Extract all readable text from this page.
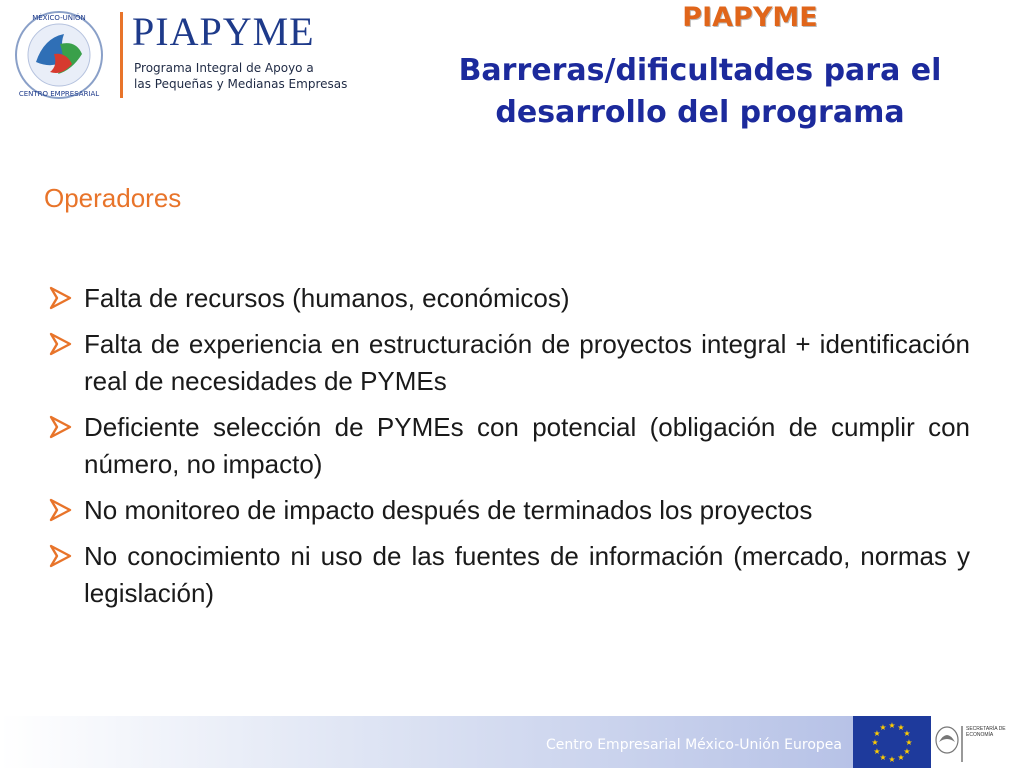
MÉXICO-UNIÓN
CENTRO EMPRESARIAL
PIAPYME
Programa Integral de Apoyo a
las Pequeñas y Medianas Empresas
PIAPYME
Barreras/dificultades para el
desarrollo del programa
Operadores
Falta de recursos (humanos, económicos)
Falta de experiencia en estructuración de proyectos integral + identificación real de necesidades de PYMEs
Deficiente selección de PYMEs con potencial (obligación de cumplir con número, no impacto)
No monitoreo de impacto después de terminados los proyectos
No conocimiento ni uso de las fuentes de información (mercado, normas y legislación)
Centro Empresarial México-Unión Europea
★ ★
★
★
★
★
★
★
★
★
★
★	SECRETARÍA DE
ECONOMÍA
